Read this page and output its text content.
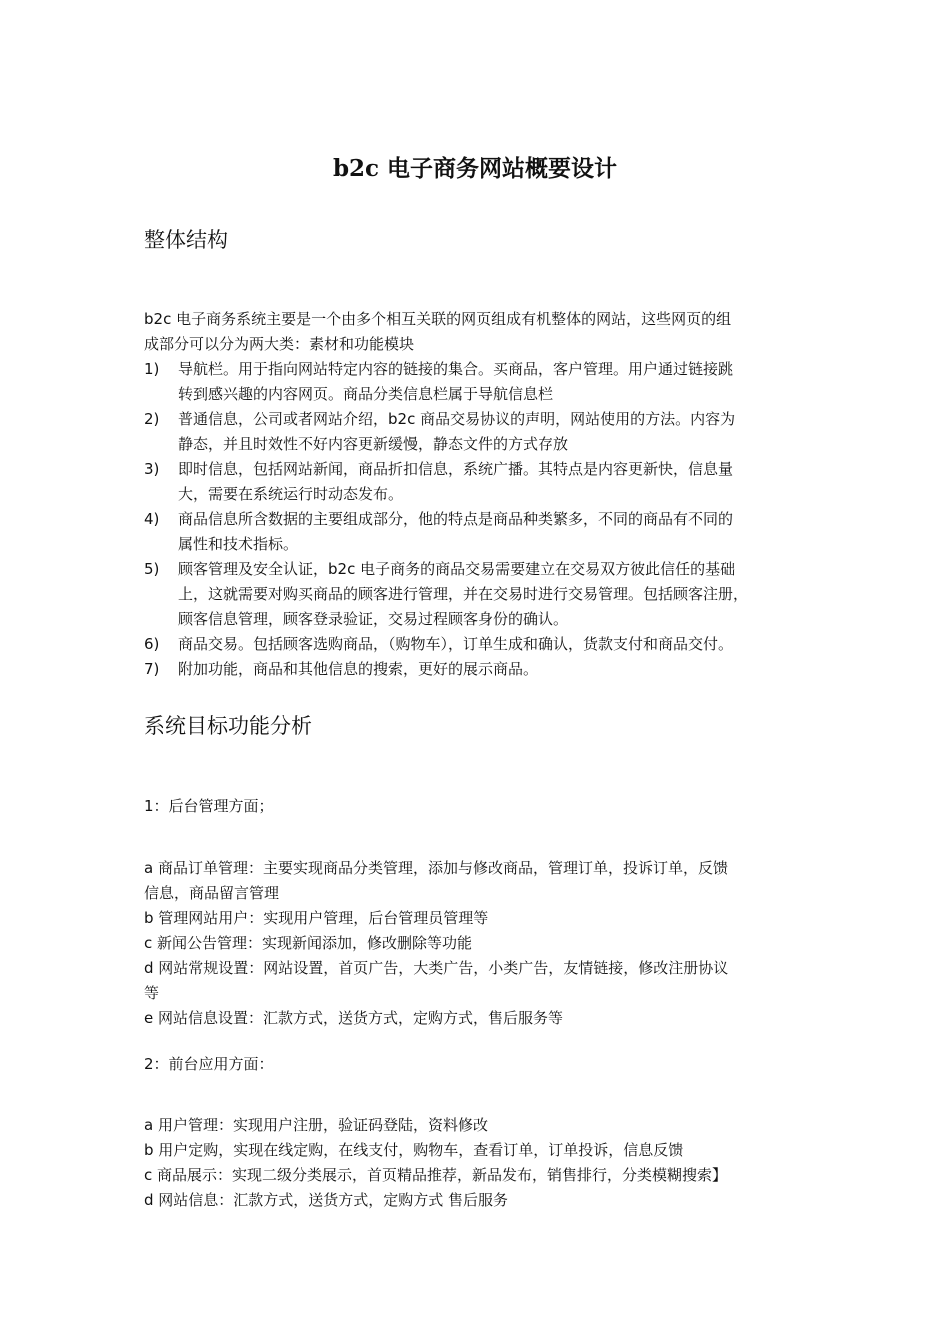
b2c 电子商务网站概要设计
整体结构
b2c 电子商务系统主要是一个由多个相互关联的网页组成有机整体的网站，这些网页的组
成部分可以分为两大类：素材和功能模块
1) 导航栏。用于指向网站特定内容的链接的集合。买商品，客户管理。用户通过链接跳
转到感兴趣的内容网页。商品分类信息栏属于导航信息栏
2) 普通信息，公司或者网站介绍，b2c 商品交易协议的声明，网站使用的方法。内容为
静态，并且时效性不好内容更新缓慢，静态文件的方式存放
3) 即时信息，包括网站新闻，商品折扣信息，系统广播。其特点是内容更新快，信息量
大，需要在系统运行时动态发布。
4) 商品信息所含数据的主要组成部分，他的特点是商品种类繁多，不同的商品有不同的
属性和技术指标。
5) 顾客管理及安全认证，b2c 电子商务的商品交易需要建立在交易双方彼此信任的基础
上，这就需要对购买商品的顾客进行管理，并在交易时进行交易管理。包括顾客注册，
顾客信息管理，顾客登录验证，交易过程顾客身份的确认。
6) 商品交易。包括顾客选购商品，（购物车），订单生成和确认，货款支付和商品交付。
7) 附加功能，商品和其他信息的搜索，更好的展示商品。
系统目标功能分析
1：后台管理方面；
a 商品订单管理：主要实现商品分类管理，添加与修改商品，管理订单，投诉订单，反馈
信息，商品留言管理
b 管理网站用户：实现用户管理，后台管理员管理等
c 新闻公告管理：实现新闻添加，修改删除等功能
d 网站常规设置：网站设置，首页广告，大类广告，小类广告，友情链接，修改注册协议
等
e 网站信息设置：汇款方式，送货方式，定购方式，售后服务等
2：前台应用方面：
a 用户管理：实现用户注册，验证码登陆，资料修改
b 用户定购，实现在线定购，在线支付，购物车，查看订单，订单投诉，信息反馈
c 商品展示：实现二级分类展示，首页精品推荐，新品发布，销售排行，分类模糊搜索】
d 网站信息：汇款方式，送货方式，定购方式 售后服务
